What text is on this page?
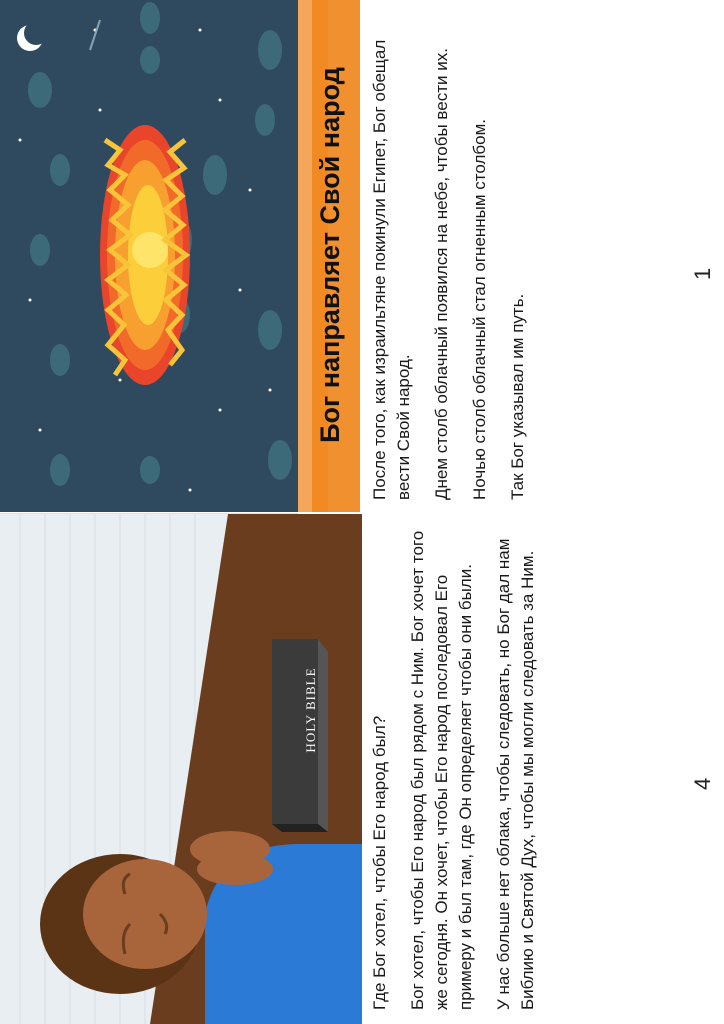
Бог направляет Свой народ После того, как израильтяне покинули Египет, Бог обещал вести Свой народ. Днем столб облачный появился на небе, чтобы вести их. Ночью столб облачный стал огненным столбом. Так Бог указывал им путь.

1
HOLY BIBLE

Где Бог хотел, чтобы Его народ был? Бог хотел, чтобы Его народ был рядом с Ним. Бог хочет того же сегодня. Он хочет, чтобы Его народ последовал Его примеру и был там, где Он определяет чтобы они были. У нас больше нет облака, чтобы следовать, но Бог дал нам Библию и Святой Дух, чтобы мы могли следовать за Ним.	4
